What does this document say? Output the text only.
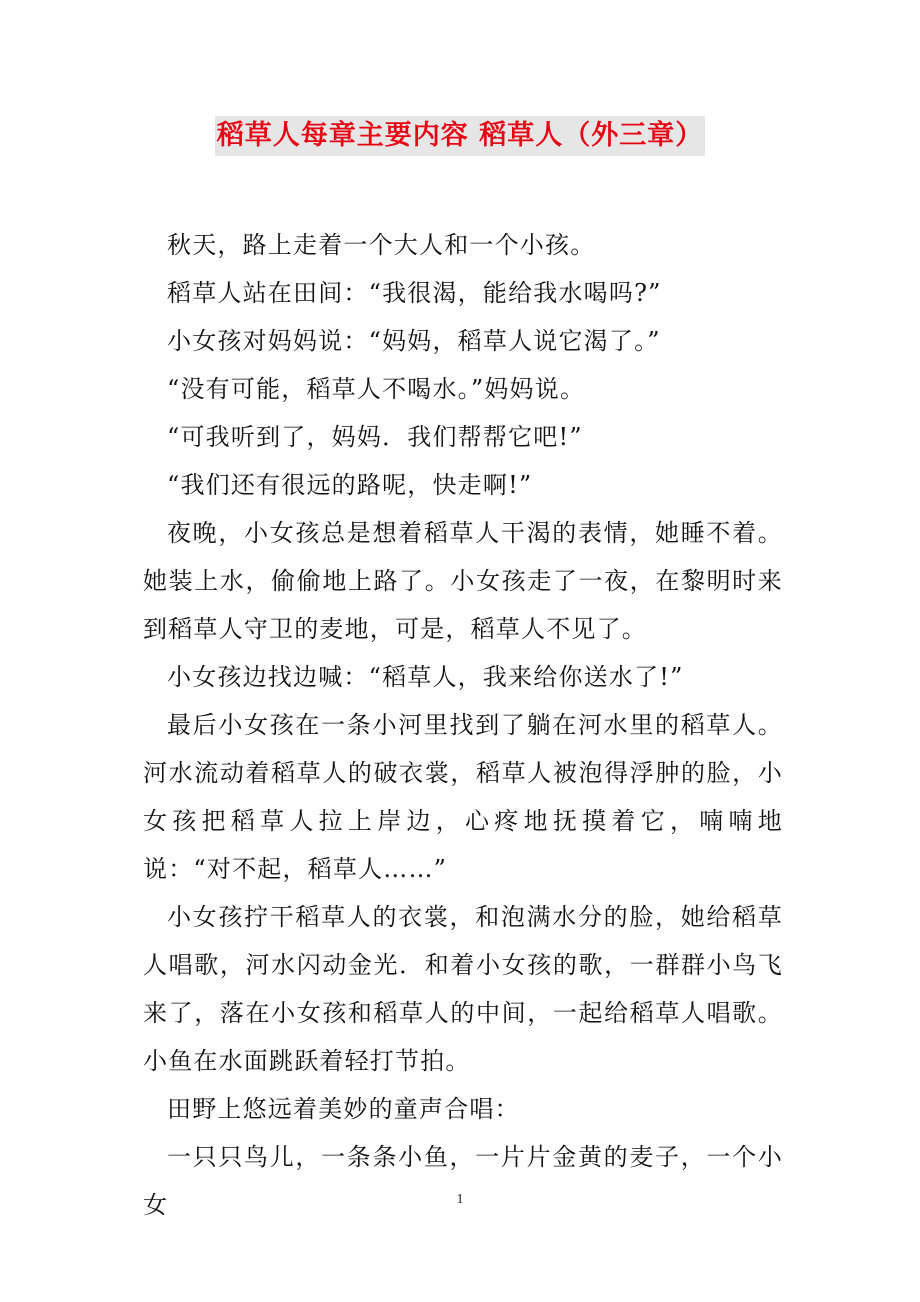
稻草人每章主要内容 稻草人（外三章）

秋天，路上走着一个大人和一个小孩。

稻草人站在田间：“我很渴，能给我水喝吗?”

小女孩对妈妈说：“妈妈，稻草人说它渴了。”

“没有可能，稻草人不喝水。”妈妈说。

“可我听到了，妈妈．我们帮帮它吧!”

“我们还有很远的路呢，快走啊!”

夜晚，小女孩总是想着稻草人干渴的表情，她睡不着。她装上水，偷偷地上路了。小女孩走了一夜，在黎明时来到稻草人守卫的麦地，可是，稻草人不见了。

小女孩边找边喊：“稻草人，我来给你送水了!”

最后小女孩在一条小河里找到了躺在河水里的稻草人。河水流动着稻草人的破衣裳，稻草人被泡得浮肿的脸，小女孩把稻草人拉上岸边，心疼地抚摸着它，喃喃地说：“对不起，稻草人……”

小女孩拧干稻草人的衣裳，和泡满水分的脸，她给稻草人唱歌，河水闪动金光．和着小女孩的歌，一群群小鸟飞来了，落在小女孩和稻草人的中间，一起给稻草人唱歌。小鱼在水面跳跃着轻打节拍。

田野上悠远着美妙的童声合唱：

一只只鸟儿，一条条小鱼，一片片金黄的麦子，一个小女	1
